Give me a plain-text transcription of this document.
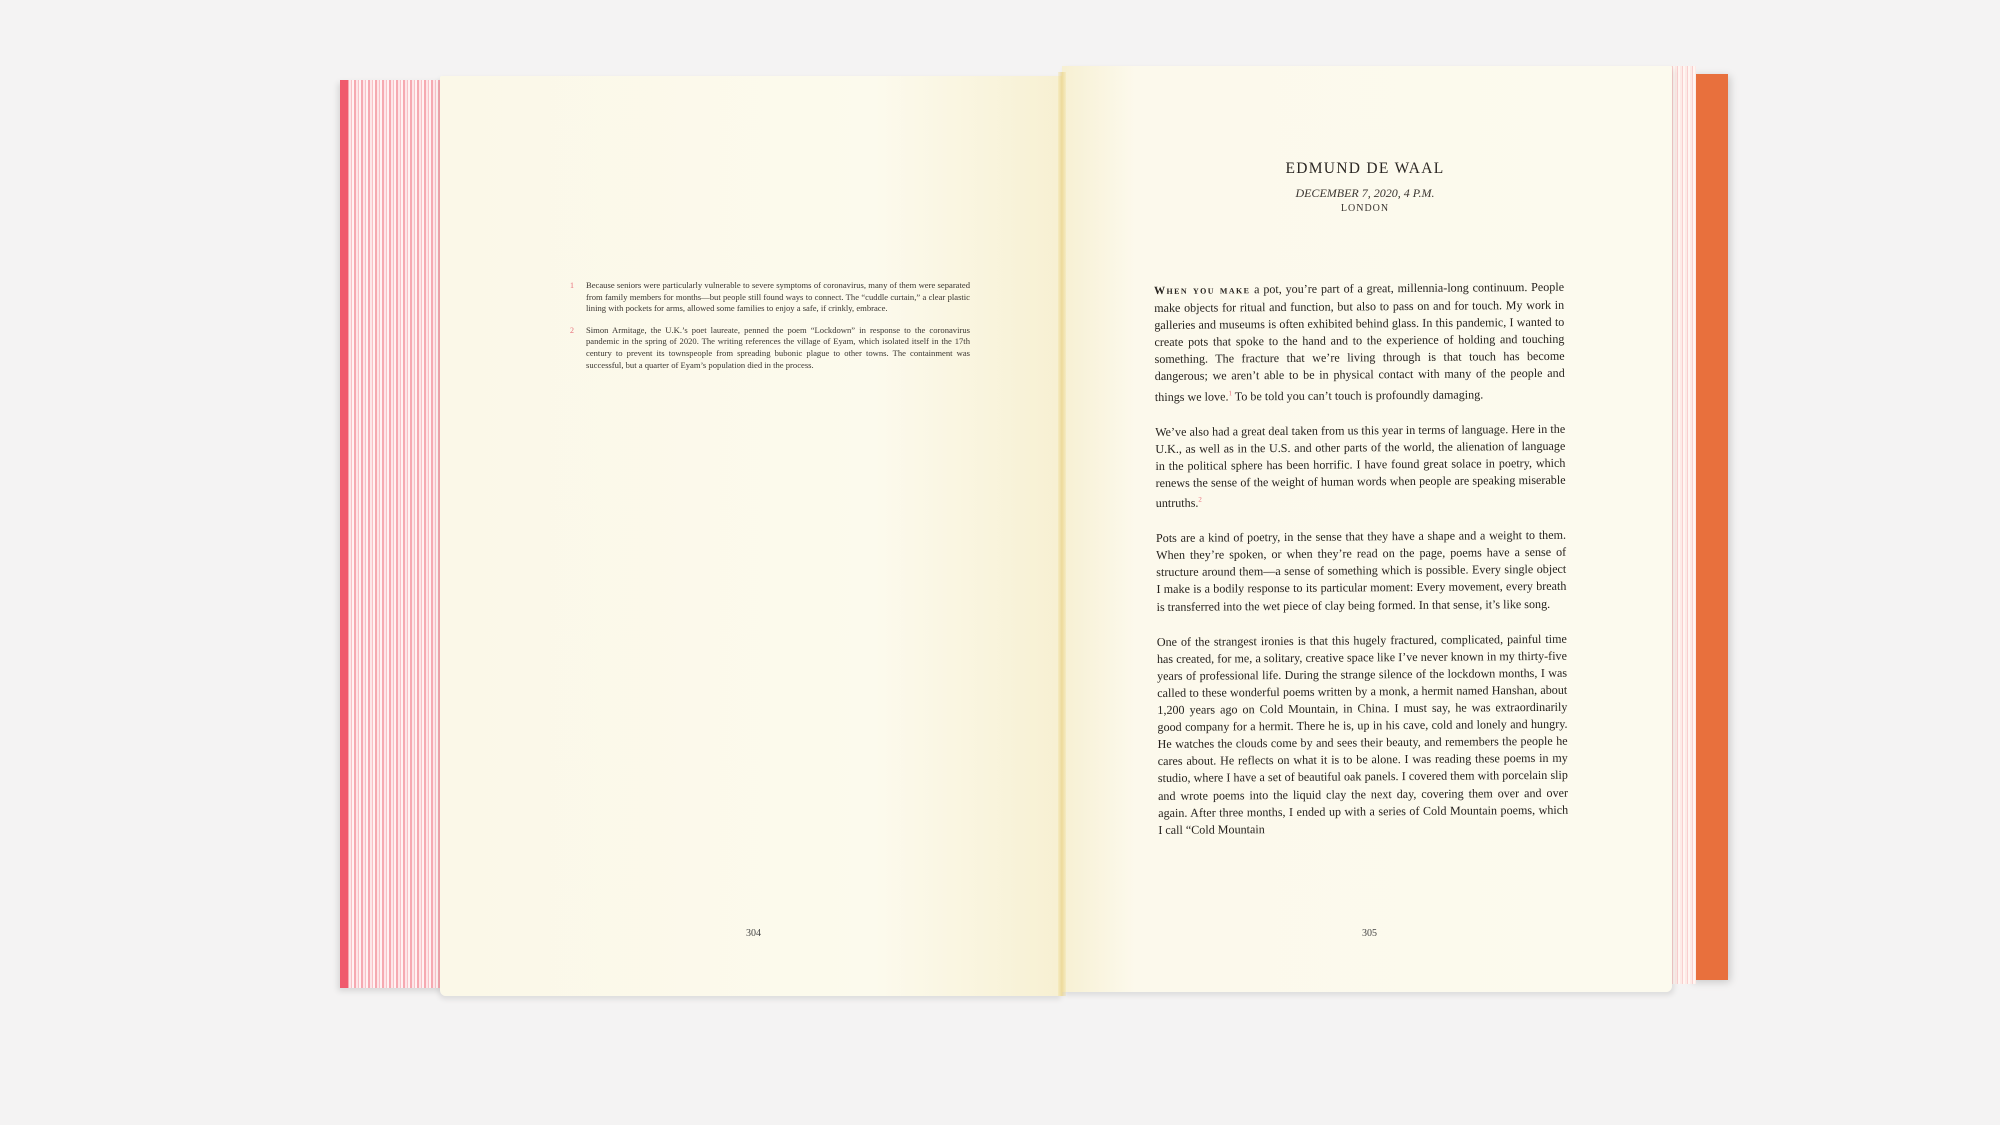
1 Because seniors were particularly vulnerable to severe symptoms of coronavirus, many of them were separated from family members for months—but people still found ways to connect. The “cuddle curtain,” a clear plastic lining with pockets for arms, allowed some families to enjoy a safe, if crinkly, embrace.
2 Simon Armitage, the U.K.’s poet laureate, penned the poem “Lockdown” in response to the coronavirus pandemic in the spring of 2020. The writing references the village of Eyam, which isolated itself in the 17th century to prevent its townspeople from spreading bubonic plague to other towns. The containment was successful, but a quarter of Eyam’s population died in the process.
304
EDMUND DE WAAL
DECEMBER 7, 2020, 4 P.M.
LONDON

When you make a pot, you’re part of a great, millennia-long continuum. People make objects for ritual and function, but also to pass on and for touch. My work in galleries and museums is often exhibited behind glass. In this pandemic, I wanted to create pots that spoke to the hand and to the experience of holding and touching something. The fracture that we’re living through is that touch has become dangerous; we aren’t able to be in physical contact with many of the people and things we love.$^1$ To be told you can’t touch is profoundly damaging.

We’ve also had a great deal taken from us this year in terms of language. Here in the U.K., as well as in the U.S. and other parts of the world, the alienation of language in the political sphere has been horrific. I have found great solace in poetry, which renews the sense of the weight of human words when people are speaking miserable untruths.$^2$

Pots are a kind of poetry, in the sense that they have a shape and a weight to them. When they’re spoken, or when they’re read on the page, poems have a sense of structure around them—a sense of something which is possible. Every single object I make is a bodily response to its particular moment: Every movement, every breath is transferred into the wet piece of clay being formed. In that sense, it’s like song.

One of the strangest ironies is that this hugely fractured, complicated, painful time has created, for me, a solitary, creative space like I’ve never known in my thirty-five years of professional life. During the strange silence of the lockdown months, I was called to these wonderful poems written by a monk, a hermit named Hanshan, about 1,200 years ago on Cold Mountain, in China. I must say, he was extraordinarily good company for a hermit. There he is, up in his cave, cold and lonely and hungry. He watches the clouds come by and sees their beauty, and remembers the people he cares about. He reflects on what it is to be alone. I was reading these poems in my studio, where I have a set of beautiful oak panels. I covered them with porcelain slip and wrote poems into the liquid clay the next day, covering them over and over again. After three months, I ended up with a series of Cold Mountain poems, which I call “Cold Mountain

305
